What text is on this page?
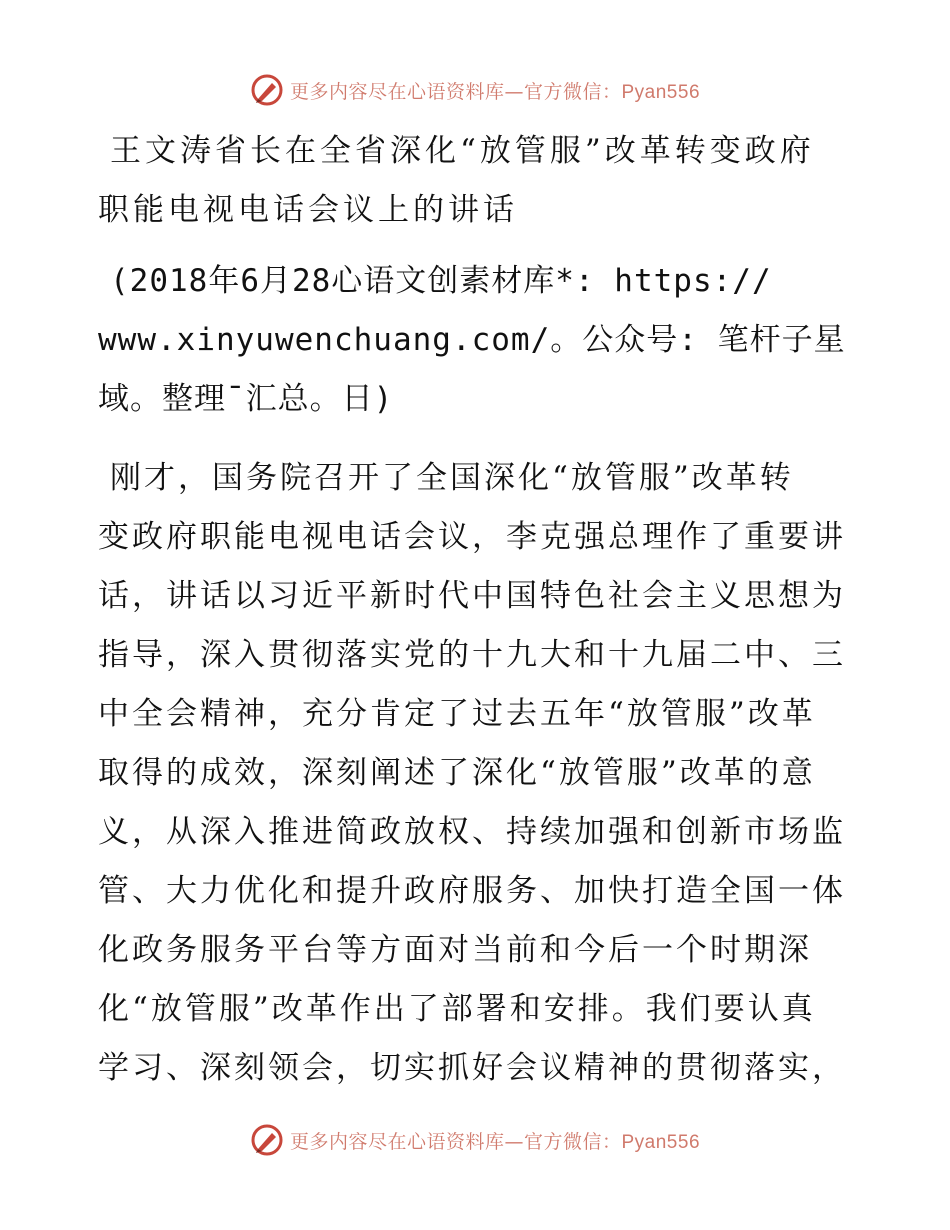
更多内容尽在心语资料库—官方微信：Pyan556
王文涛省长在全省深化“放管服”改革转变政府
职能电视电话会议上的讲话
(2018年6月28心语文创素材库*: https://
www.xinyuwenchuang.com/。公众号: 笔杆子星
域。整理¯汇总。日)
刚才，国务院召开了全国深化“放管服”改革转
变政府职能电视电话会议，李克强总理作了重要讲
话，讲话以习近平新时代中国特色社会主义思想为
指导，深入贯彻落实党的十九大和十九届二中、三
中全会精神，充分肯定了过去五年“放管服”改革
取得的成效，深刻阐述了深化“放管服”改革的意
义，从深入推进简政放权、持续加强和创新市场监
管、大力优化和提升政府服务、加快打造全国一体
化政务服务平台等方面对当前和今后一个时期深
化“放管服”改革作出了部署和安排。我们要认真
学习、深刻领会，切实抓好会议精神的贯彻落实，
更多内容尽在心语资料库—官方微信：Pyan556
